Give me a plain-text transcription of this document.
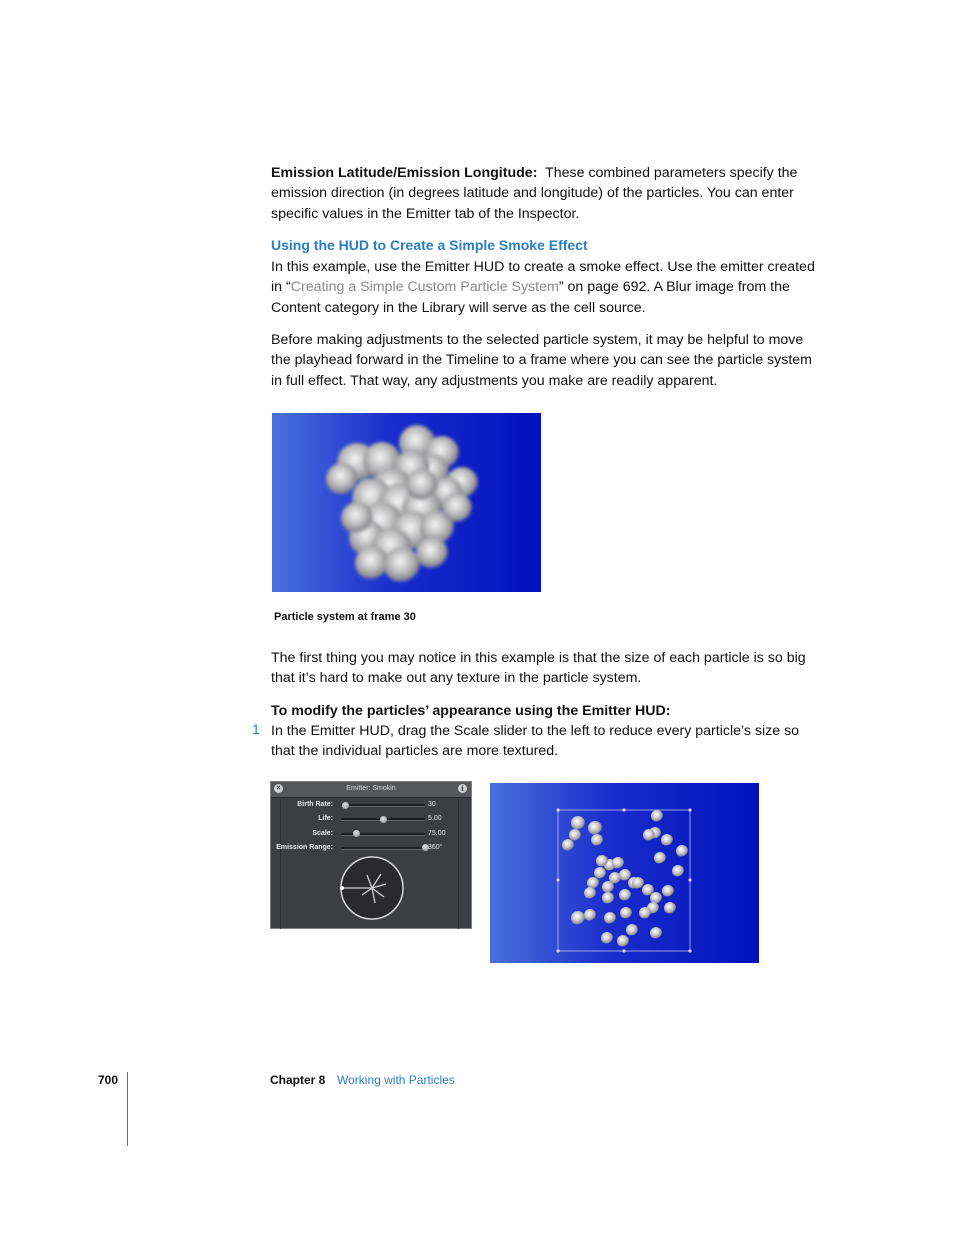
Emission Latitude/Emission Longitude: These combined parameters specify the emission direction (in degrees latitude and longitude) of the particles. You can enter specific values in the Emitter tab of the Inspector.
Using the HUD to Create a Simple Smoke Effect
In this example, use the Emitter HUD to create a smoke effect. Use the emitter created in “Creating a Simple Custom Particle System” on page 692. A Blur image from the Content category in the Library will serve as the cell source.
Before making adjustments to the selected particle system, it may be helpful to move the playhead forward in the Timeline to a frame where you can see the particle system in full effect. That way, any adjustments you make are readily apparent.
Particle system at frame 30
The first thing you may notice in this example is that the size of each particle is so big that it’s hard to make out any texture in the particle system.
To modify the particles’ appearance using the Emitter HUD:
1 In the Emitter HUD, drag the Scale slider to the left to reduce every particle’s size so that the individual particles are more textured.
×	Emitter: Smokin	i
Birth Rate:	30
Life:	5.00
Scale:	75.00
Emission Range:	360°
700	Chapter 8 Working with Particles
